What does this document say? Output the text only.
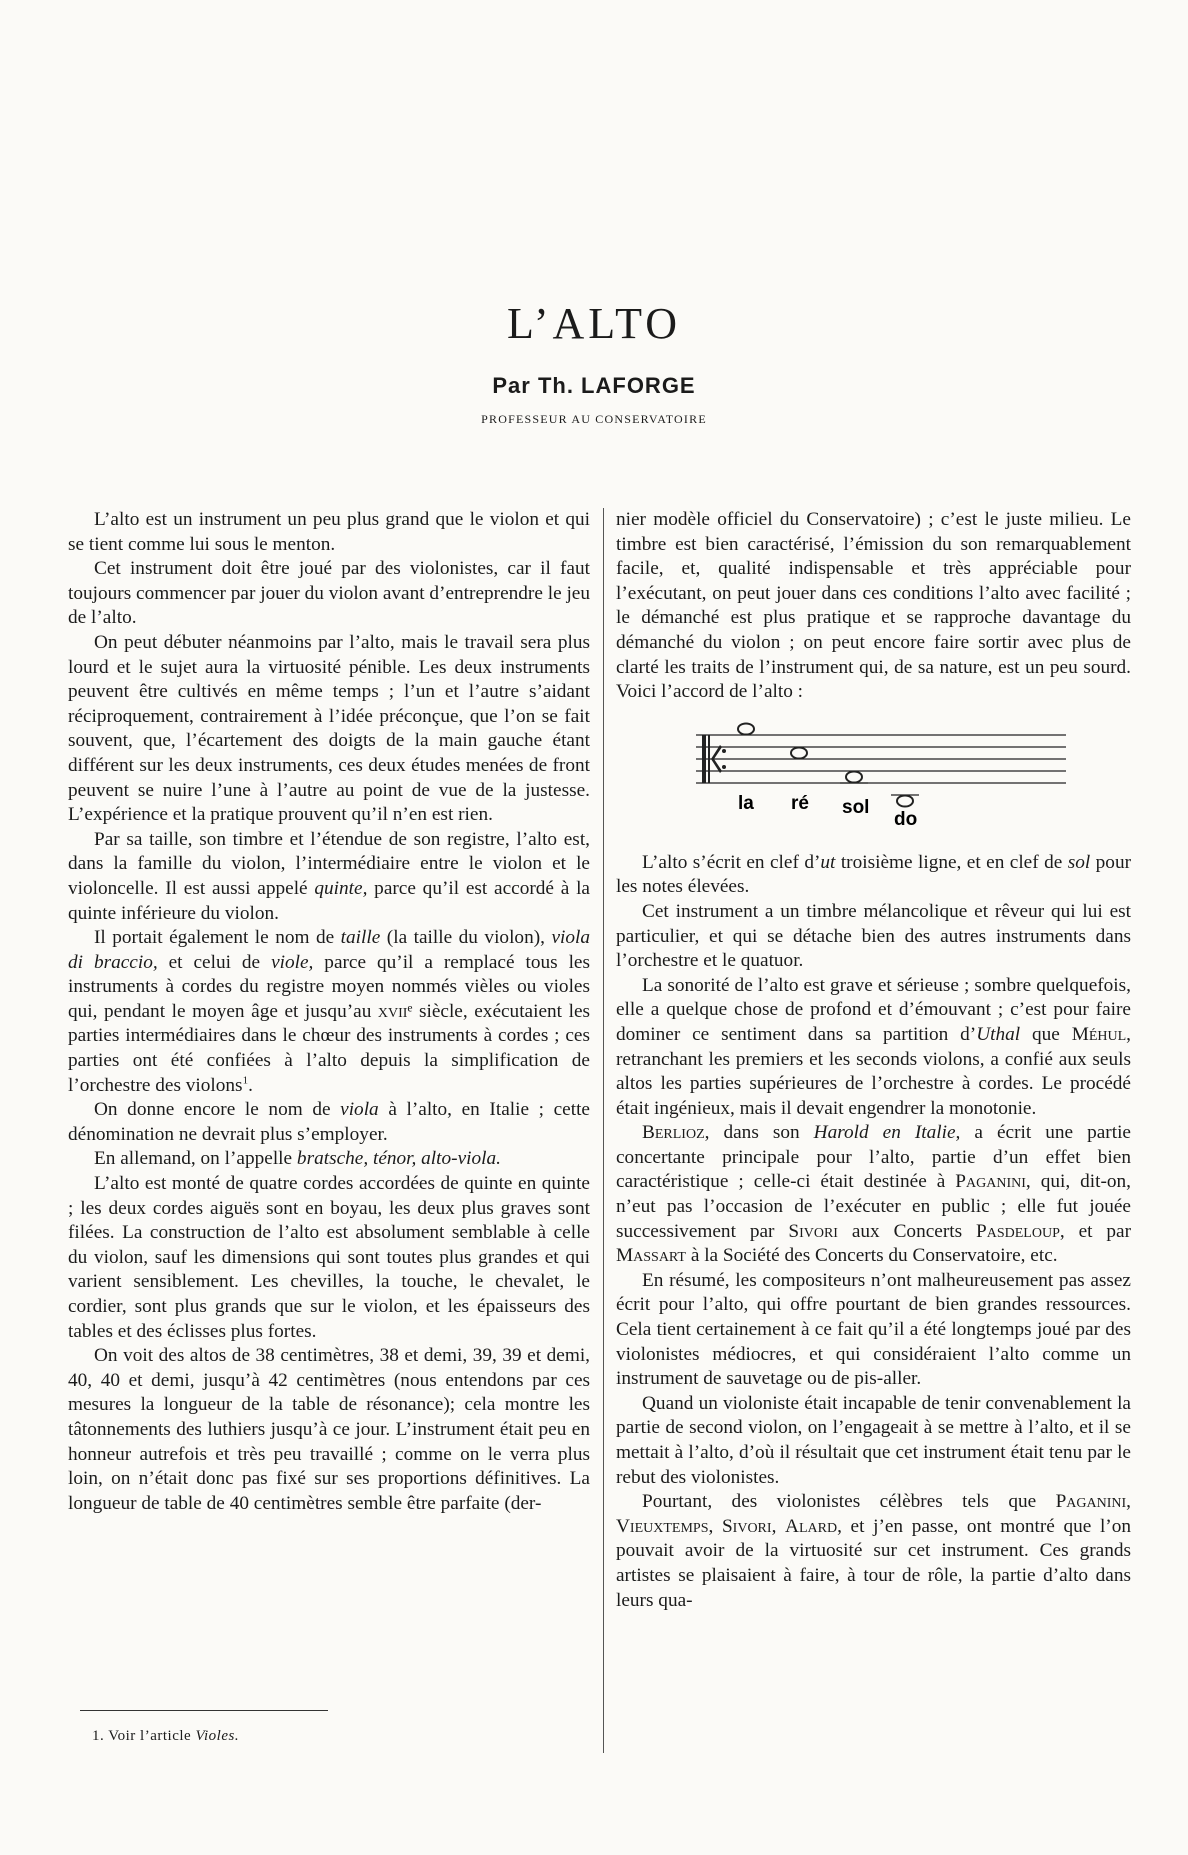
L’ALTO
Par Th. LAFORGE
PROFESSEUR AU CONSERVATOIRE

L’alto est un instrument un peu plus grand que le violon et qui se tient comme lui sous le menton.

Cet instrument doit être joué par des violonistes, car il faut toujours commencer par jouer du violon avant d’entreprendre le jeu de l’alto.

On peut débuter néanmoins par l’alto, mais le travail sera plus lourd et le sujet aura la virtuosité pénible. Les deux instruments peuvent être cultivés en même temps ; l’un et l’autre s’aidant réciproquement, contrairement à l’idée préconçue, que l’on se fait souvent, que, l’écartement des doigts de la main gauche étant différent sur les deux instruments, ces deux études menées de front peuvent se nuire l’une à l’autre au point de vue de la justesse. L’expérience et la pratique prouvent qu’il n’en est rien.

Par sa taille, son timbre et l’étendue de son registre, l’alto est, dans la famille du violon, l’intermédiaire entre le violon et le violoncelle. Il est aussi appelé quinte, parce qu’il est accordé à la quinte inférieure du violon.

Il portait également le nom de taille (la taille du violon), viola di braccio, et celui de viole, parce qu’il a remplacé tous les instruments à cordes du registre moyen nommés vièles ou violes qui, pendant le moyen âge et jusqu’au xviiᵉ siècle, exécutaient les parties intermédiaires dans le chœur des instruments à cordes ; ces parties ont été confiées à l’alto depuis la simplification de l’orchestre des violons$^1$.

On donne encore le nom de viola à l’alto, en Italie ; cette dénomination ne devrait plus s’employer.

En allemand, on l’appelle bratsche, ténor, alto-viola.

L’alto est monté de quatre cordes accordées de quinte en quinte ; les deux cordes aiguës sont en boyau, les deux plus graves sont filées. La construction de l’alto est absolument semblable à celle du violon, sauf les dimensions qui sont toutes plus grandes et qui varient sensiblement. Les chevilles, la touche, le chevalet, le cordier, sont plus grands que sur le violon, et les épaisseurs des tables et des éclisses plus fortes.

On voit des altos de 38 centimètres, 38 et demi, 39, 39 et demi, 40, 40 et demi, jusqu’à 42 centimètres (nous entendons par ces mesures la longueur de la table de résonance); cela montre les tâtonnements des luthiers jusqu’à ce jour. L’instrument était peu en honneur autrefois et très peu travaillé ; comme on le verra plus loin, on n’était donc pas fixé sur ses proportions définitives. La longueur de table de 40 centimètres semble être parfaite (der-

nier modèle officiel du Conservatoire) ; c’est le juste milieu. Le timbre est bien caractérisé, l’émission du son remarquablement facile, et, qualité indispensable et très appréciable pour l’exécutant, on peut jouer dans ces conditions l’alto avec facilité ; le démanché est plus pratique et se rapproche davantage du démanché du violon ; on peut encore faire sortir avec plus de clarté les traits de l’instrument qui, de sa nature, est un peu sourd. Voici l’accord de l’alto :

la ré sol
do

L’alto s’écrit en clef d’ut troisième ligne, et en clef de sol pour les notes élevées.

Cet instrument a un timbre mélancolique et rêveur qui lui est particulier, et qui se détache bien des autres instruments dans l’orchestre et le quatuor.

La sonorité de l’alto est grave et sérieuse ; sombre quelquefois, elle a quelque chose de profond et d’émouvant ; c’est pour faire dominer ce sentiment dans sa partition d’Uthal que Méhul, retranchant les premiers et les seconds violons, a confié aux seuls altos les parties supérieures de l’orchestre à cordes. Le procédé était ingénieux, mais il devait engendrer la monotonie.

Berlioz, dans son Harold en Italie, a écrit une partie concertante principale pour l’alto, partie d’un effet bien caractéristique ; celle-ci était destinée à Paganini, qui, dit-on, n’eut pas l’occasion de l’exécuter en public ; elle fut jouée successivement par Sivori aux Concerts Pasdeloup, et par Massart à la Société des Concerts du Conservatoire, etc.

En résumé, les compositeurs n’ont malheureusement pas assez écrit pour l’alto, qui offre pourtant de bien grandes ressources. Cela tient certainement à ce fait qu’il a été longtemps joué par des violonistes médiocres, et qui considéraient l’alto comme un instrument de sauvetage ou de pis-aller.

Quand un violoniste était incapable de tenir convenablement la partie de second violon, on l’engageait à se mettre à l’alto, et il se mettait à l’alto, d’où il résultait que cet instrument était tenu par le rebut des violonistes.

Pourtant, des violonistes célèbres tels que Paganini, Vieuxtemps, Sivori, Alard, et j’en passe, ont montré que l’on pouvait avoir de la virtuosité sur cet instrument. Ces grands artistes se plaisaient à faire, à tour de rôle, la partie d’alto dans leurs qua-

1. Voir l’article Violes.
